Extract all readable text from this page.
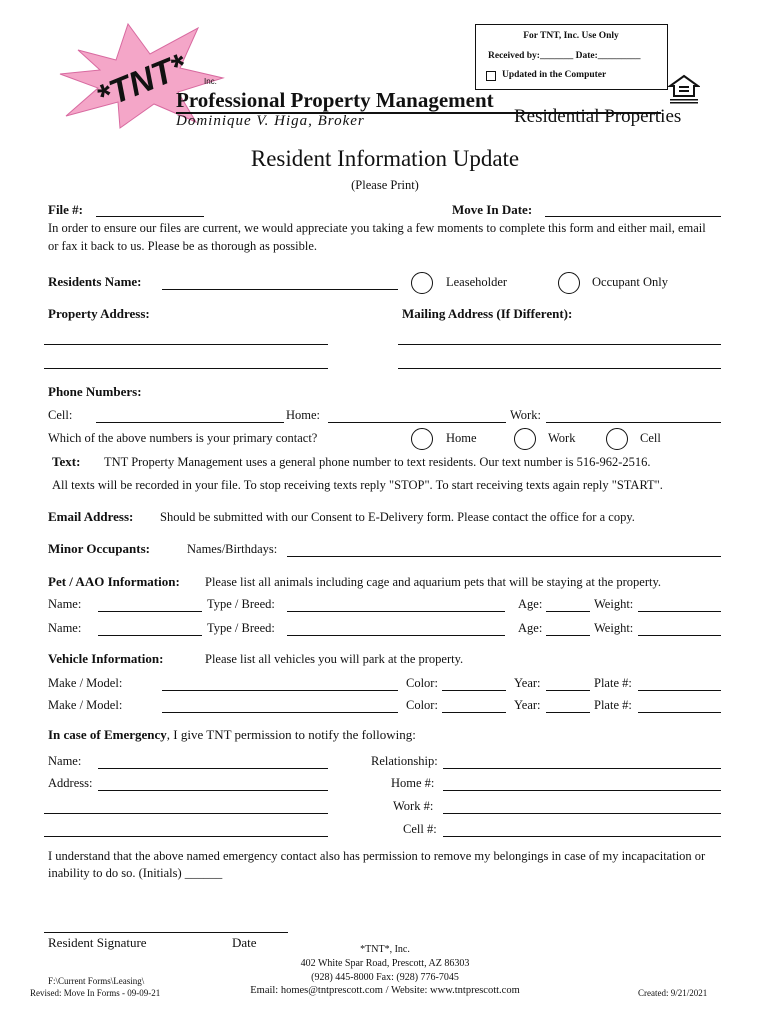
For TNT, Inc. Use Only
Received by:_______ Date:_________
Updated in the Computer
*TNT* Inc.
Professional Property Management
Dominique V. Higa, Broker	Residential Properties
Resident Information Update
(Please Print)
File #:	Move In Date:
In order to ensure our files are current, we would appreciate you taking a few moments to complete this form and either mail, email or fax it back to us. Please be as thorough as possible.
Residents Name:	Leaseholder	Occupant Only
Property Address:	Mailing Address (If Different):
Phone Numbers:
Cell:	Home:	Work:
Which of the above numbers is your primary contact?	Home	Work	Cell
Text: TNT Property Management uses a general phone number to text residents. Our text number is 516-962-2516.
All texts will be recorded in your file. To stop receiving texts reply "STOP". To start receiving texts again reply "START".
Email Address: Should be submitted with our Consent to E-Delivery form. Please contact the office for a copy.
Minor Occupants:	Names/Birthdays:
Pet / AAO Information: Please list all animals including cage and aquarium pets that will be staying at the property.
Name:	Type / Breed:	Age:	Weight:
Name:	Type / Breed:	Age:	Weight:
Vehicle Information:	Please list all vehicles you will park at the property.
Make / Model:	Color:	Year:	Plate #:
Make / Model:	Color:	Year:	Plate #:
In case of Emergency, I give TNT permission to notify the following:
Name:	Relationship:
Address:	Home #:
Work #:
Cell #:
I understand that the above named emergency contact also has permission to remove my belongings in case of my incapacitation or inability to do so. (Initials) ______
Resident Signature	Date	*TNT*, Inc.
402 White Spar Road, Prescott, AZ 86303
(928) 445-8000 Fax: (928) 776-7045
Email: homes@tntprescott.com / Website: www.tntprescott.com
F:\Current Forms\Leasing\
Revised: Move In Forms - 09-09-21	Created: 9/21/2021
